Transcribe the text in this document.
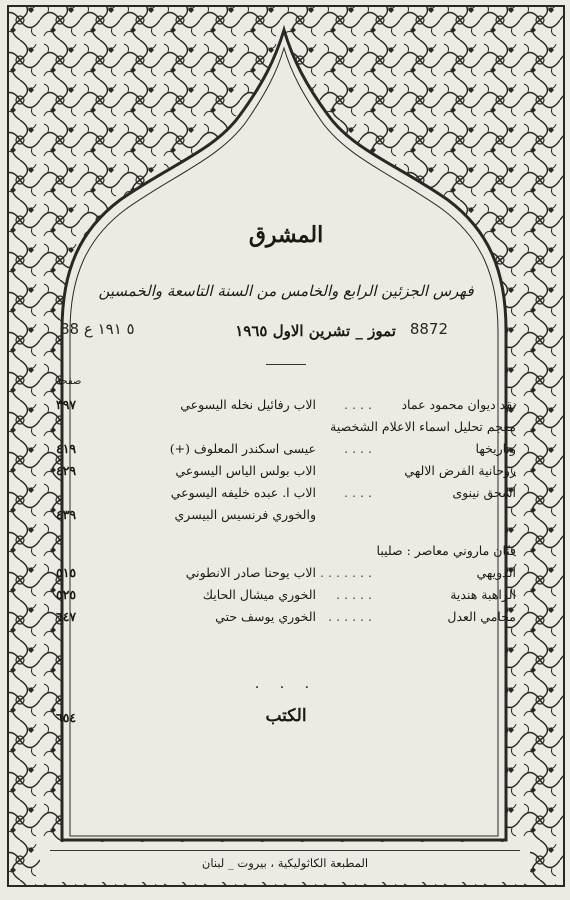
المشرق
فهرس الجزئين الرابع والخامس من السنة التاسعة والخمسين
8872
تموز _ تشرين الاول ١٩٦٥
88 ٥ ١٩١ ع
صفحة
نقد ديوان محمود عماد
....
الاب رفائيل نخله اليسوعي
٣٩٧
معجم تحليل اسماء الاعلام الشخصية
وتاريخها
....
عيسى اسكندر المعلوف (+)
٤١٩
روحانية الفرض الالهي
الاب بولس الياس اليسوعي
٤٢٩
اسحق نينوى
....
الاب ا. عبده خليفه اليسوعي
والخوري فرنسيس البيسري
٤٣٩
فنّان ماروني معاصر : صليبا
الدويهي
.......
الاب يوحنا صادر الانطوني
٥١٥
الراهبة هندية
.....
الخوري ميشال الحايك
٥٢٥
محامي العدل
......
الخوري يوسف حتي
٦٤٧
· · ·
الكتب
٦٥٤
المطبعة الكاثوليكية ، بيروت _ لبنان
